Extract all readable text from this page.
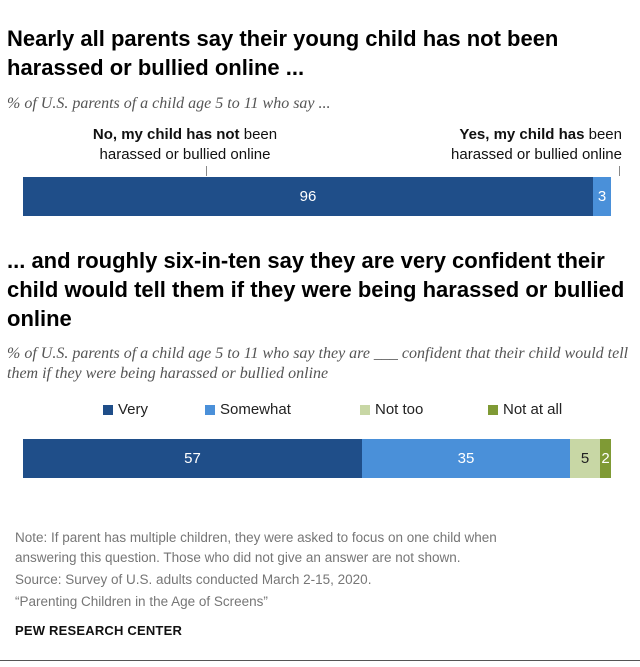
Nearly all parents say their young child has not been harassed or bullied online ...
% of U.S. parents of a child age 5 to 11 who say ...
No, my child has not been
harassed or bullied online
Yes, my child has been
harassed or bullied online
96	3
... and roughly six-in-ten say they are very confident their child would tell them if they were being harassed or bullied online
% of U.S. parents of a child age 5 to 11 who say they are ___ confident that their child would tell them if they were being harassed or bullied online
Very	Somewhat	Not too	Not at all
57	35	5 2
Note: If parent has multiple children, they were asked to focus on one child when
answering this question. Those who did not give an answer are not shown.
Source: Survey of U.S. adults conducted March 2-15, 2020.
“Parenting Children in the Age of Screens”
PEW RESEARCH CENTER
